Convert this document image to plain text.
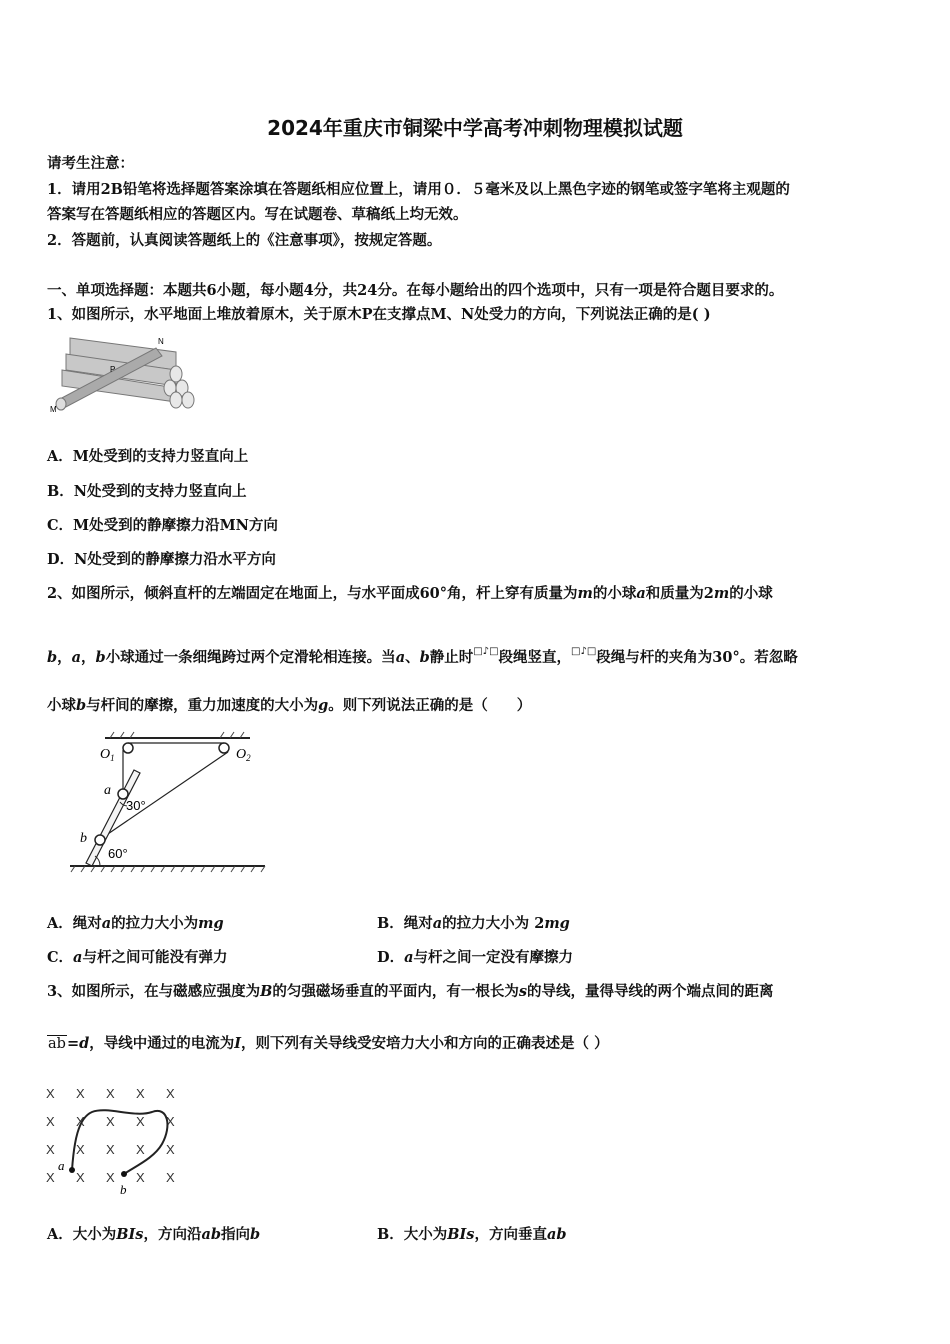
2024年重庆市铜梁中学高考冲刺物理模拟试题
请考生注意：
1．请用2B铅笔将选择题答案涂填在答题纸相应位置上，请用０．５毫米及以上黑色字迹的钢笔或签字笔将主观题的
答案写在答题纸相应的答题区内。写在试题卷、草稿纸上均无效。
2．答题前，认真阅读答题纸上的《注意事项》，按规定答题。
一、单项选择题：本题共6小题，每小题4分，共24分。在每小题给出的四个选项中，只有一项是符合题目要求的。
1、如图所示，水平地面上堆放着原木，关于原木P在支撑点M、N处受力的方向，下列说法正确的是( )
M
N
P
A．M处受到的支持力竖直向上
B．N处受到的支持力竖直向上
C．M处受到的静摩擦力沿MN方向
D．N处受到的静摩擦力沿水平方向
2、如图所示，倾斜直杆的左端固定在地面上，与水平面成60°角，杆上穿有质量为m的小球a和质量为2m的小球
b，a，b小球通过一条细绳跨过两个定滑轮相连接。当a、b静止时□♪□段绳竖直，□♪□段绳与杆的夹角为30°。若忽略
小球b与杆间的摩擦，重力加速度的大小为g。则下列说法正确的是（　　）
$O_1$	$O_2$
a
b
30°
60°
A．绳对a的拉力大小为mg	B．绳对a的拉力大小为 2mg
C．a与杆之间可能没有弹力	D．a与杆之间一定没有摩擦力
3、如图所示，在与磁感应强度为B的匀强磁场垂直的平面内，有一根长为s的导线，量得导线的两个端点间的距离
ab=d，导线中通过的电流为I，则下列有关导线受安培力大小和方向的正确表述是（ ）
X X X X X
X X X X X
X X X X X
X X X X X
a
b
A．大小为BIs，方向沿ab指向b	B．大小为BIs，方向垂直ab
